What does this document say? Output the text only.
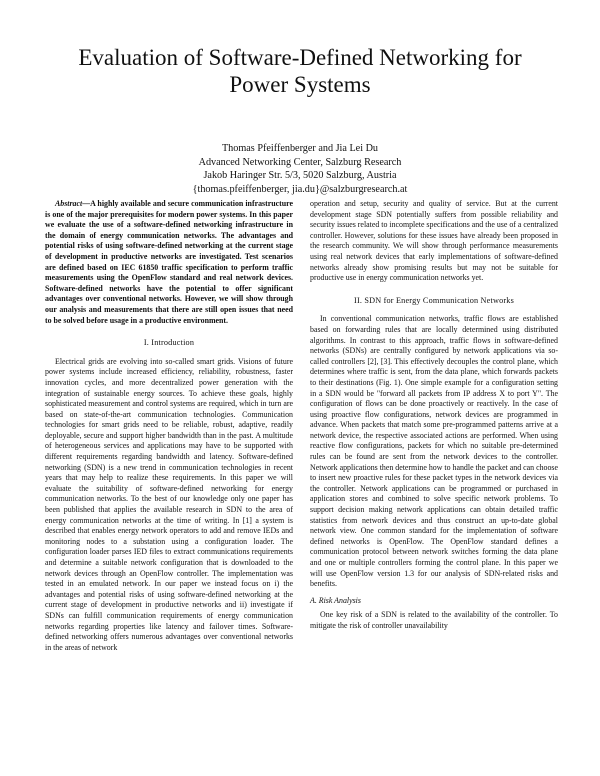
Evaluation of Software-Defined Networking for
Power Systems
Thomas Pfeiffenberger and Jia Lei Du
Advanced Networking Center, Salzburg Research
Jakob Haringer Str. 5/3, 5020 Salzburg, Austria
{thomas.pfeiffenberger, jia.du}@salzburgresearch.at

Abstract—A highly available and secure communication infrastructure is one of the major prerequisites for modern power systems. In this paper we evaluate the use of a software-defined networking infrastructure in the domain of energy communication networks. The advantages and potential risks of using software-defined networking at the current stage of development in productive networks are investigated. Test scenarios are defined based on IEC 61850 traffic specification to perform traffic measurements using the OpenFlow standard and real network devices. Software-defined networks have the potential to offer significant advantages over conventional networks. However, we will show through our analysis and measurements that there are still open issues that need to be solved before usage in a productive environment.

I. Introduction

Electrical grids are evolving into so-called smart grids. Visions of future power systems include increased efficiency, reliability, robustness, faster innovation cycles, and more decentralized power generation with the integration of sustainable energy sources. To achieve these goals, highly sophisticated measurement and control systems are required, which in turn are based on state-of-the-art communication technologies. Communication technologies for smart grids need to be reliable, robust, adaptive, readily deployable, secure and support higher bandwidth than in the past. A multitude of heterogeneous services and applications may have to be supported with different requirements regarding bandwidth and latency. Software-defined networking (SDN) is a new trend in communication technologies in recent years that may help to realize these requirements. In this paper we will evaluate the suitability of software-defined networking for energy communication networks. To the best of our knowledge only one paper has been published that applies the available research in SDN to the area of energy communication networks at the time of writing. In [1] a system is described that enables energy network operators to add and remove IEDs and monitoring nodes to a substation using a configuration loader. The configuration loader parses IED files to extract communications requirements and determine a suitable network configuration that is downloaded to the network devices through an OpenFlow controller. The implementation was tested in an emulated network. In our paper we instead focus on i) the advantages and potential risks of using software-defined networking at the current stage of development in productive networks and ii) investigate if SDNs can fulfill communication requirements of energy communication networks regarding properties like latency and failover times. Software-defined networking offers numerous advantages over conventional networks in the areas of network

operation and setup, security and quality of service. But at the current development stage SDN potentially suffers from possible reliability and security issues related to incomplete specifications and the use of a centralized controller. However, solutions for these issues have already been proposed in the research community. We will show through performance measurements using real network devices that early implementations of software-defined networks already show promising results but may not be suitable for productive use in energy communication networks yet.

II. SDN for Energy Communication Networks

In conventional communication networks, traffic flows are established based on forwarding rules that are locally determined using distributed algorithms. In contrast to this approach, traffic flows in software-defined networks (SDNs) are centrally configured by network applications via so-called controllers [2], [3]. This effectively decouples the control plane, which determines where traffic is sent, from the data plane, which forwards packets to their destinations (Fig. 1). One simple example for a configuration setting in a SDN would be "forward all packets from IP address X to port Y". The configuration of flows can be done proactively or reactively. In the case of using proactive flow configurations, network devices are programmed in advance. When packets that match some pre-programmed patterns arrive at a network device, the respective associated actions are performed. When using reactive flow configurations, packets for which no suitable pre-determined rules can be found are sent from the network devices to the controller. Network applications then determine how to handle the packet and can choose to insert new proactive rules for these packet types in the network devices via the controller. Network applications can be programmed or purchased in application stores and combined to solve specific network problems. To support decision making network applications can obtain detailed traffic statistics from network devices and thus construct an up-to-date global network view. One common standard for the implementation of software defined networks is OpenFlow. The OpenFlow standard defines a communication protocol between network switches forming the data plane and one or multiple controllers forming the control plane. In this paper we will use OpenFlow version 1.3 for our analysis of SDN-related risks and benefits.

A. Risk Analysis

One key risk of a SDN is related to the availability of the controller. To mitigate the risk of controller unavailability
